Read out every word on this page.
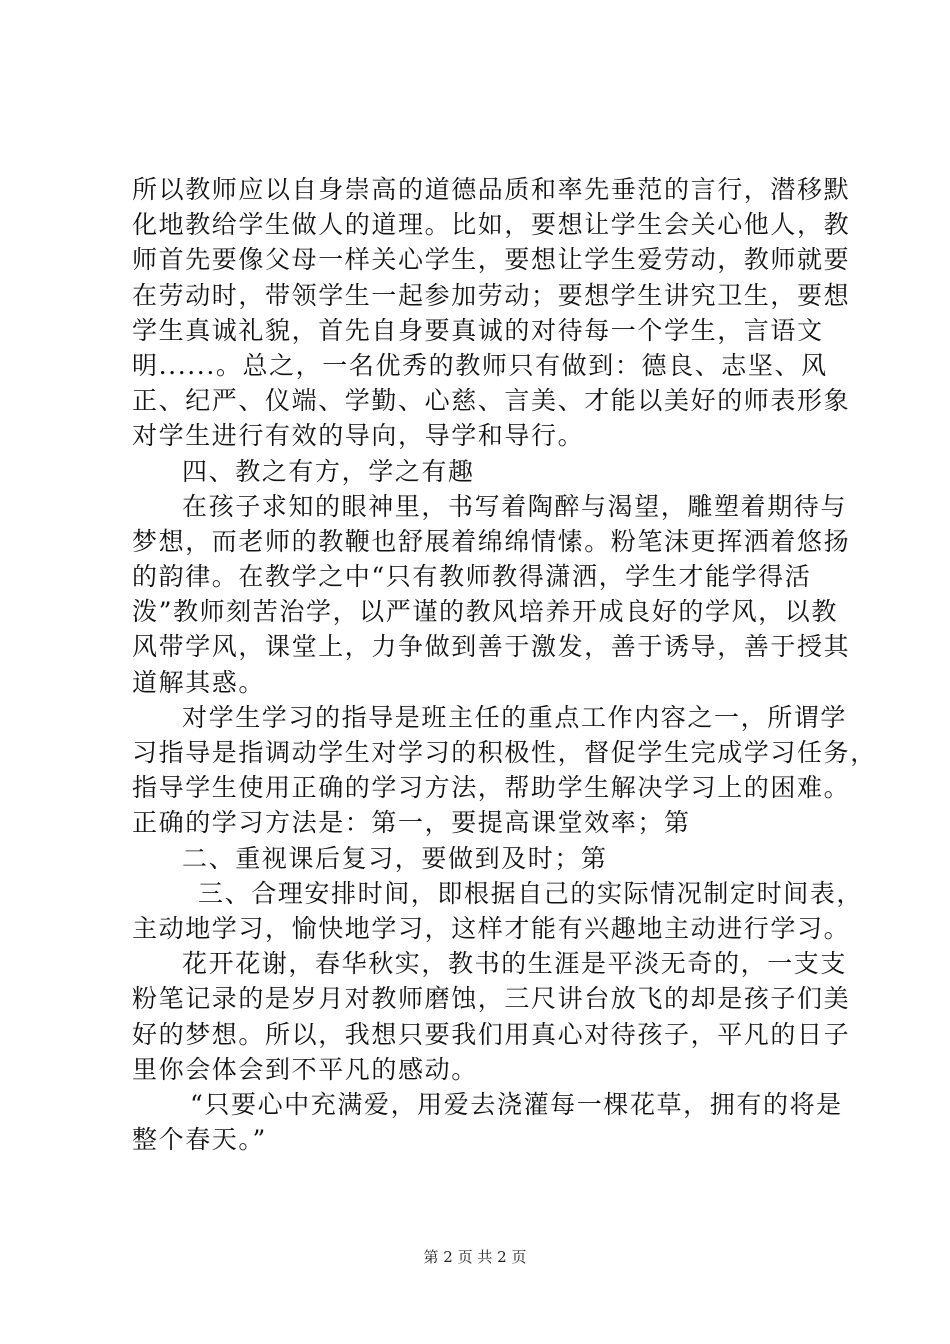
所以教师应以自身崇高的道德品质和率先垂范的言行，潜移默
化地教给学生做人的道理。比如，要想让学生会关心他人，教
师首先要像父母一样关心学生，要想让学生爱劳动，教师就要
在劳动时，带领学生一起参加劳动；要想学生讲究卫生，要想
学生真诚礼貌，首先自身要真诚的对待每一个学生，言语文
明......。总之，一名优秀的教师只有做到：德良、志坚、风
正、纪严、仪端、学勤、心慈、言美、才能以美好的师表形象
对学生进行有效的导向，导学和导行。
四、教之有方，学之有趣
在孩子求知的眼神里，书写着陶醉与渴望，雕塑着期待与
梦想，而老师的教鞭也舒展着绵绵情愫。粉笔沫更挥洒着悠扬
的韵律。在教学之中“只有教师教得潇洒，学生才能学得活
泼”教师刻苦治学，以严谨的教风培养开成良好的学风，以教
风带学风，课堂上，力争做到善于激发，善于诱导，善于授其
道解其惑。
对学生学习的指导是班主任的重点工作内容之一，所谓学
习指导是指调动学生对学习的积极性，督促学生完成学习任务，
指导学生使用正确的学习方法，帮助学生解决学习上的困难。
正确的学习方法是：第一，要提高课堂效率；第
二、重视课后复习，要做到及时；第
三、合理安排时间，即根据自己的实际情况制定时间表，
主动地学习，愉快地学习，这样才能有兴趣地主动进行学习。
花开花谢，春华秋实，教书的生涯是平淡无奇的，一支支
粉笔记录的是岁月对教师磨蚀，三尺讲台放飞的却是孩子们美
好的梦想。所以，我想只要我们用真心对待孩子，平凡的日子
里你会体会到不平凡的感动。
“只要心中充满爱，用爱去浇灌每一棵花草，拥有的将是
整个春天。”
第 2 页 共 2 页
